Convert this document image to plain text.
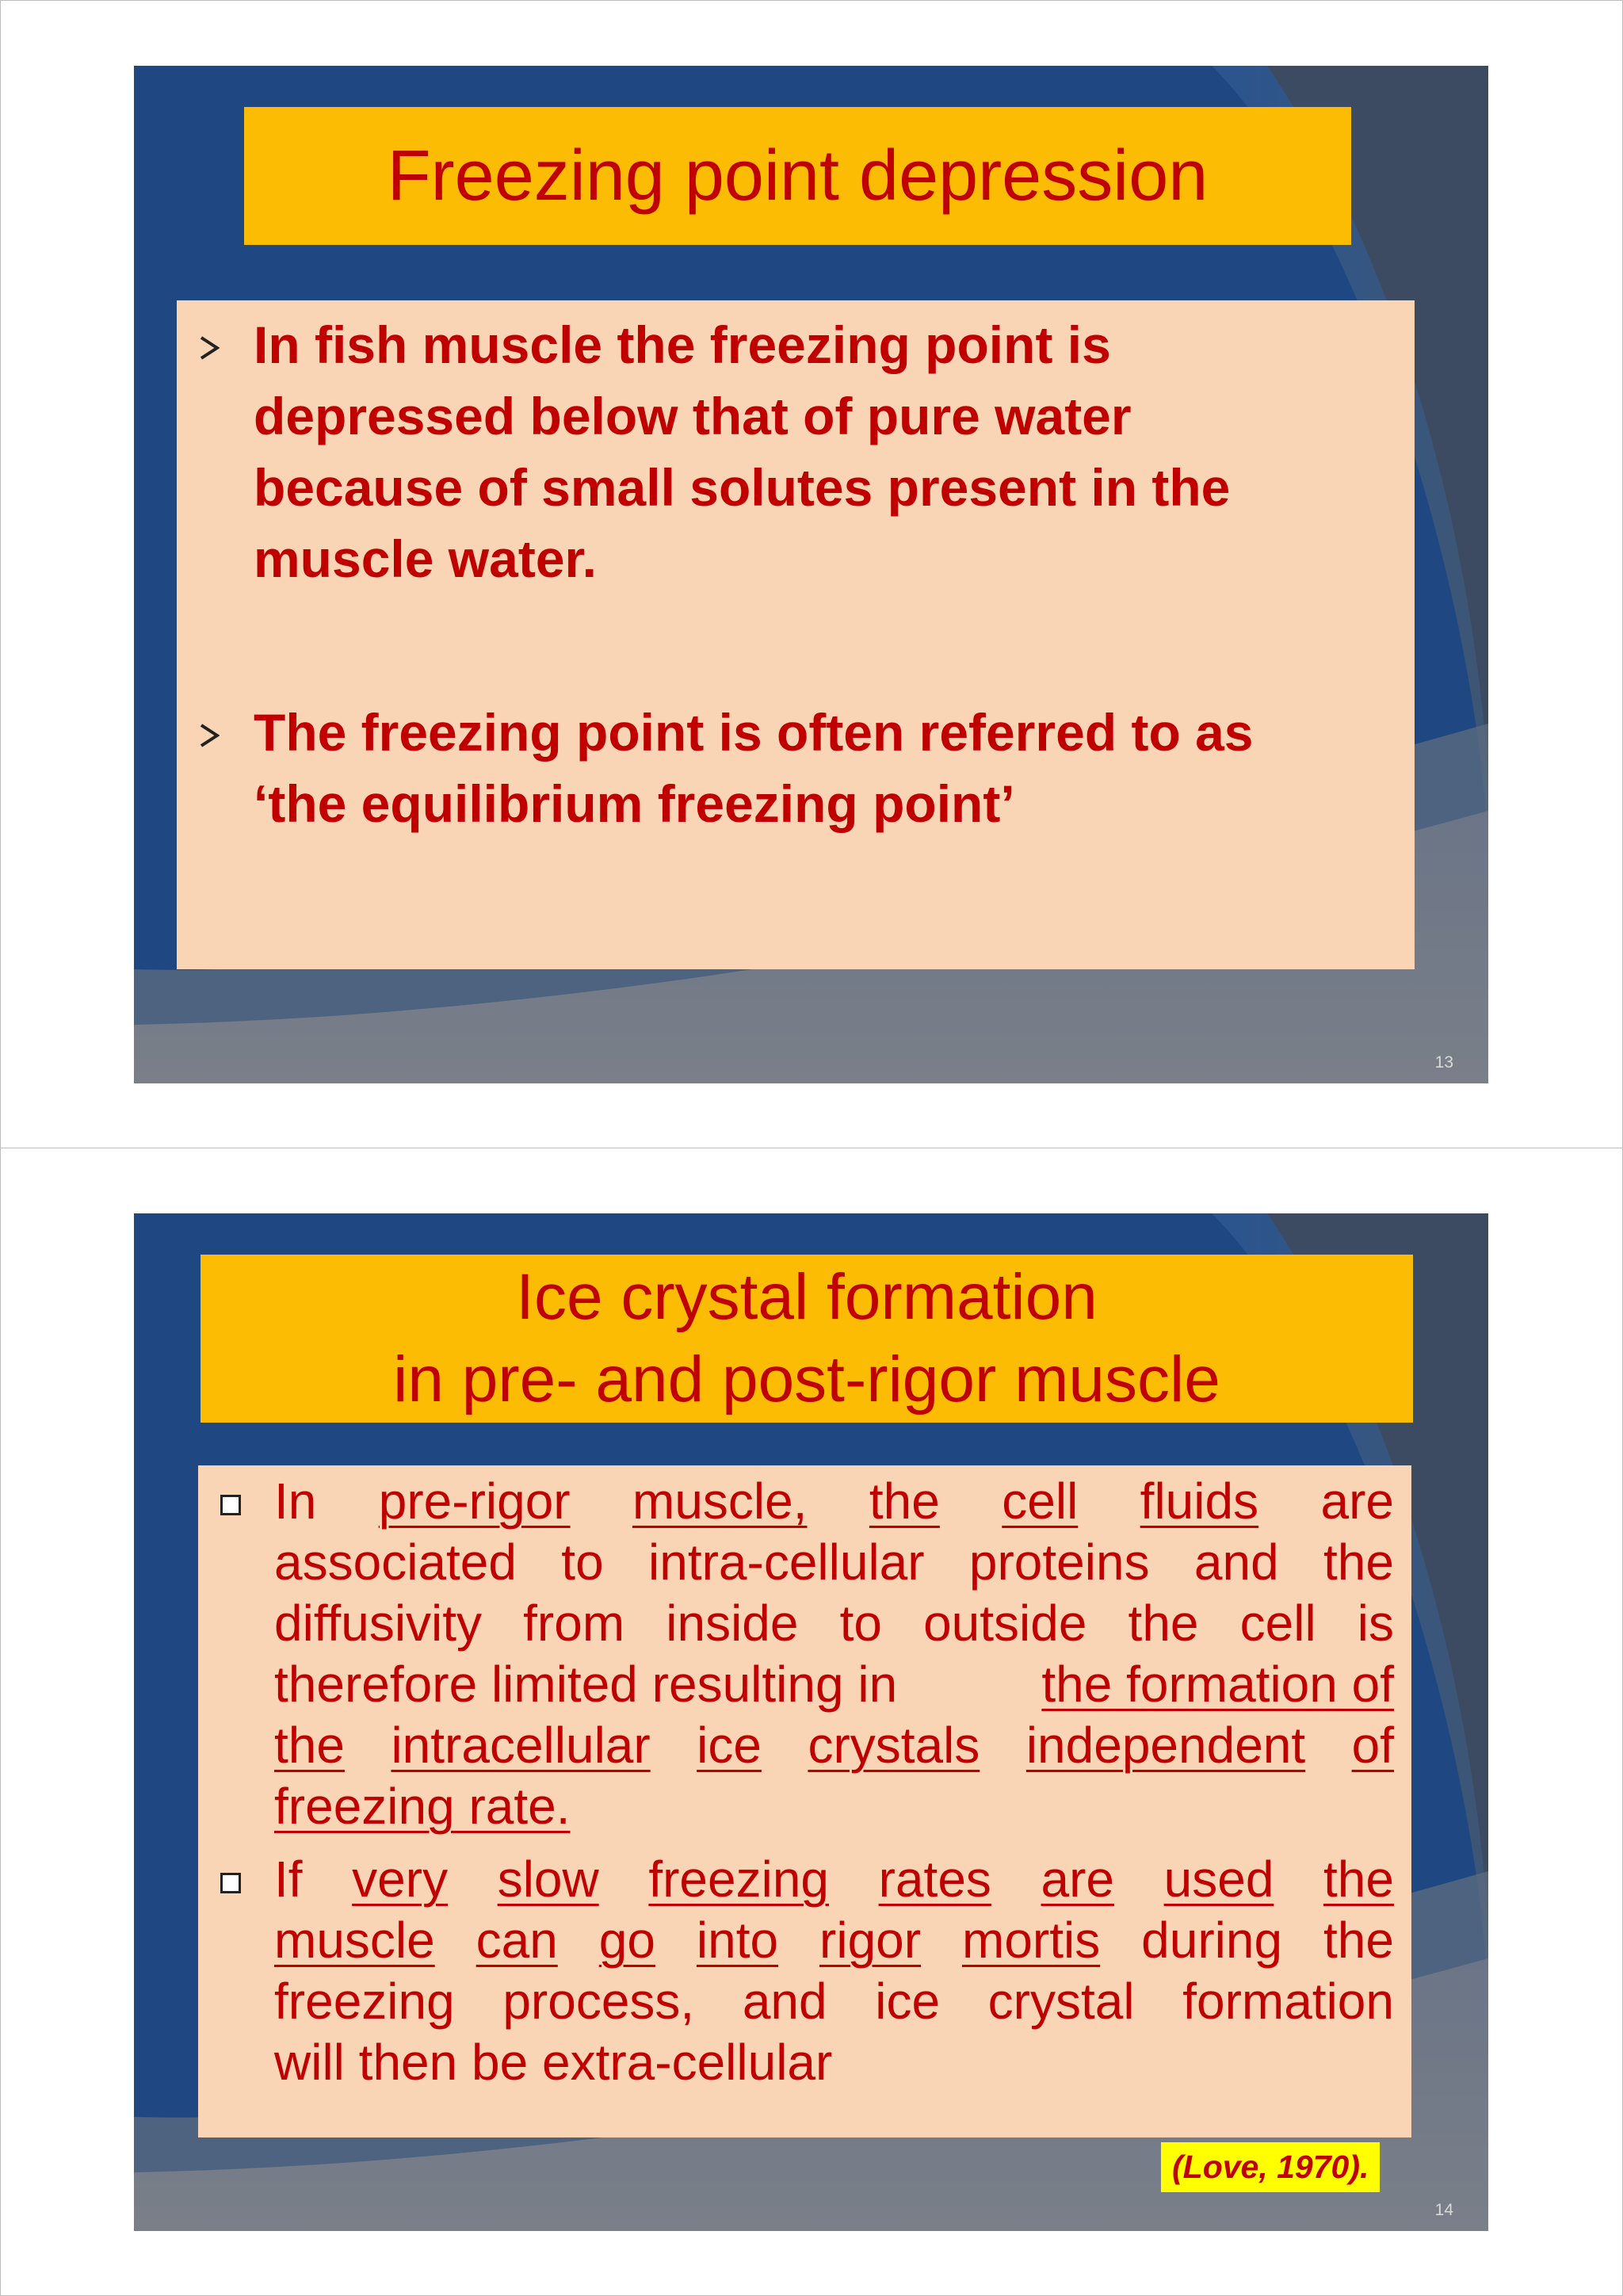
Freezing point depression
In fish muscle the freezing point is
depressed below that of pure water
because of small solutes present in the
muscle water.
The freezing point is often referred to as
‘the equilibrium freezing point’
13
Ice crystal formation
in pre- and post-rigor muscle
In pre-rigor muscle, the cell fluids are
associated to intra-cellular proteins and the
diffusivity from inside to outside the cell is
therefore limited resulting in	the formation of
the intracellular ice crystals independent of
freezing rate.
If very slow freezing rates are used the
muscle can go into rigor mortis during the
freezing process, and ice crystal formation
will then be extra-cellular
(Love, 1970).
14
